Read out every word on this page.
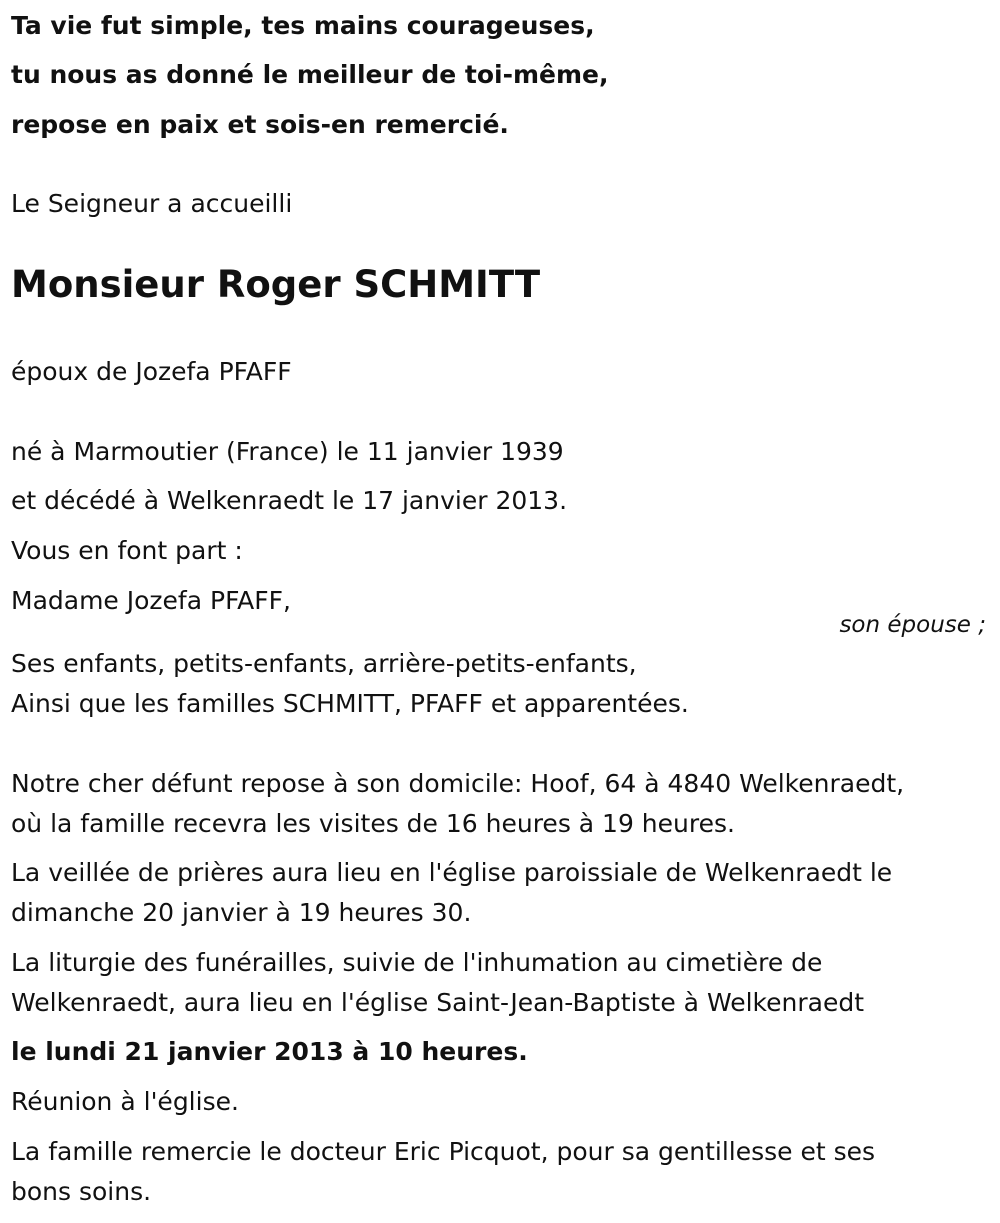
Ta vie fut simple, tes mains courageuses,

tu nous as donné le meilleur de toi-même,

repose en paix et sois-en remercié.

Le Seigneur a accueilli

Monsieur Roger SCHMITT

époux de Jozefa PFAFF

né à Marmoutier (France) le 11 janvier 1939

et décédé à Welkenraedt le 17 janvier 2013.

Vous en font part :

Madame Jozefa PFAFF,

son épouse ;

Ses enfants, petits-enfants, arrière-petits-enfants,

Ainsi que les familles SCHMITT, PFAFF et apparentées.

Notre cher défunt repose à son domicile: Hoof, 64 à 4840 Welkenraedt,

où la famille recevra les visites de 16 heures à 19 heures.

La veillée de prières aura lieu en l'église paroissiale de Welkenraedt le

dimanche 20 janvier à 19 heures 30.

La liturgie des funérailles, suivie de l'inhumation au cimetière de

Welkenraedt, aura lieu en l'église Saint-Jean-Baptiste à Welkenraedt

le lundi 21 janvier 2013 à 10 heures.

Réunion à l'église.

La famille remercie le docteur Eric Picquot, pour sa gentillesse et ses

bons soins.
